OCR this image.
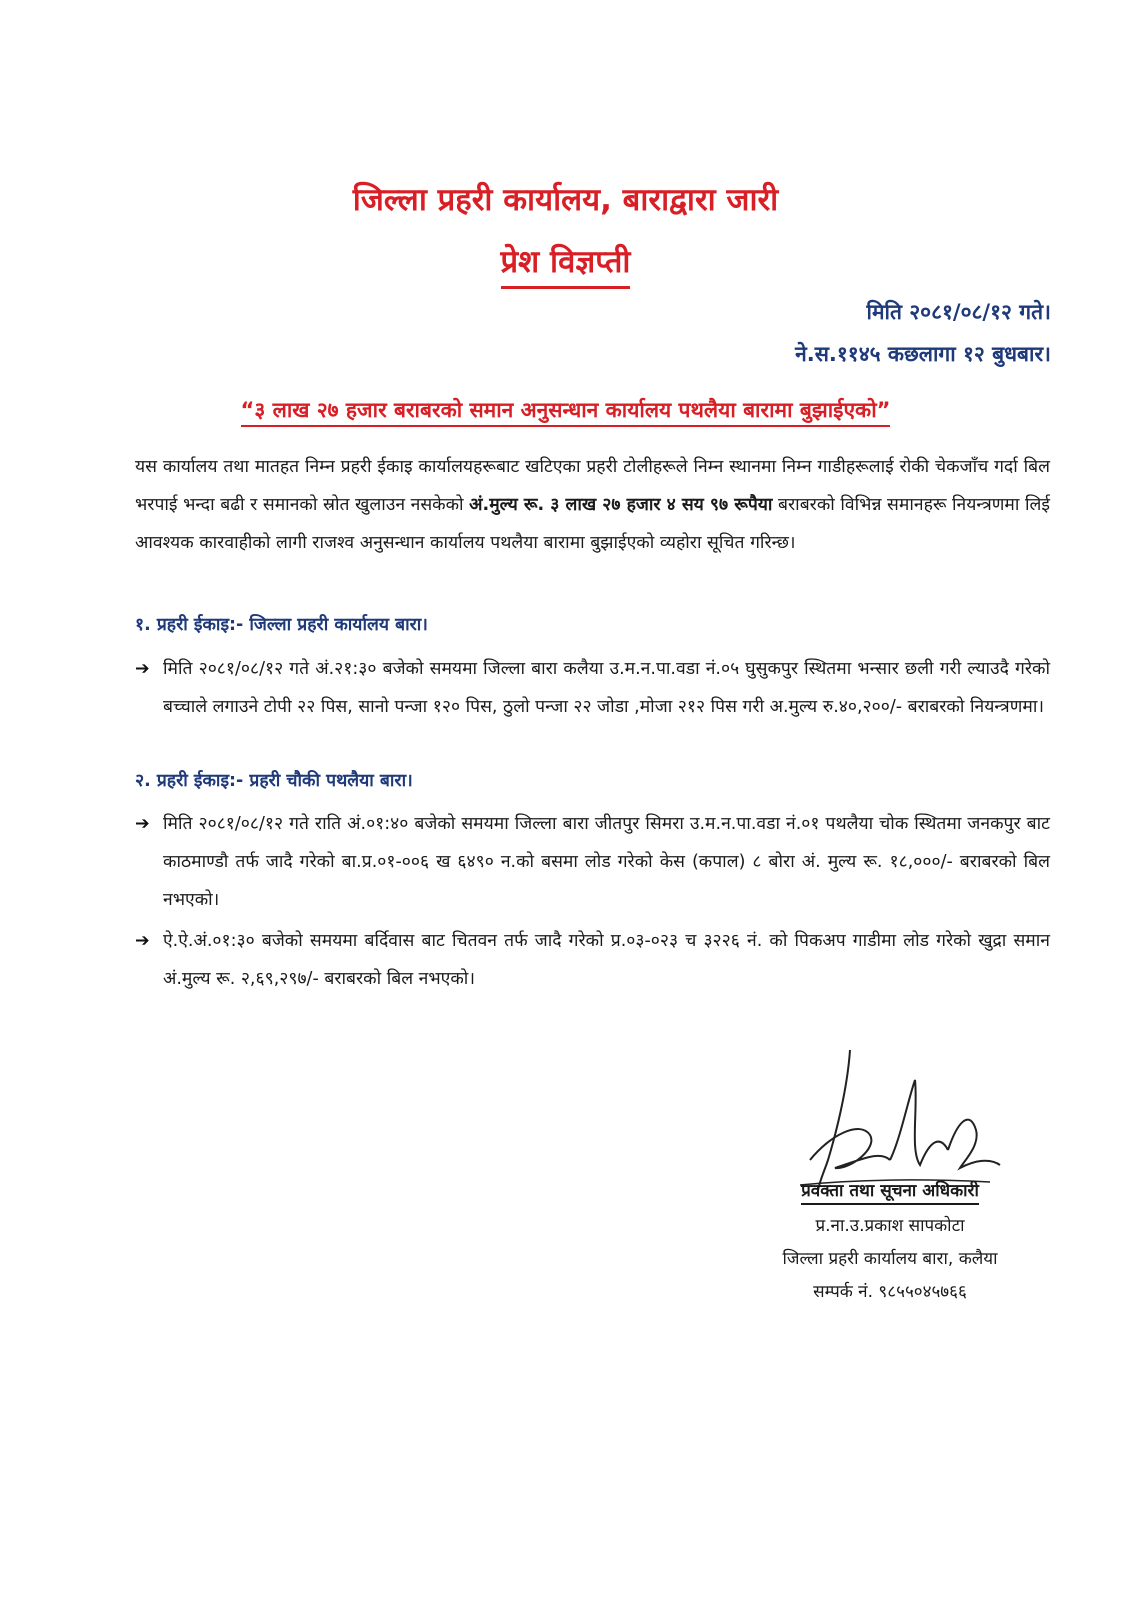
जिल्ला प्रहरी कार्यालय, बाराद्वारा जारी
प्रेश विज्ञप्ती
मिति २०८१/०८/१२ गते।
ने.स.११४५ कछलागा १२ बुधबार।
“३ लाख २७ हजार बराबरको समान अनुसन्धान कार्यालय पथलैया बारामा बुझाईएको”
यस कार्यालय तथा मातहत निम्न प्रहरी ईकाइ कार्यालयहरूबाट खटिएका प्रहरी टोलीहरूले निम्न स्थानमा निम्न गाडीहरूलाई रोकी चेकजाँच गर्दा बिल भरपाई भन्दा बढी र समानको स्रोत खुलाउन नसकेको अं.मुल्य रू. ३ लाख २७ हजार ४ सय ९७ रूपैया बराबरको विभिन्न समानहरू नियन्त्रणमा लिई आवश्यक कारवाहीको लागी राजश्व अनुसन्धान कार्यालय पथलैया बारामा बुझाईएको व्यहोरा सूचित गरिन्छ।
१. प्रहरी ईकाइ:- जिल्ला प्रहरी कार्यालय बारा।
➔ मिति २०८१/०८/१२ गते अं.२१:३० बजेको समयमा जिल्ला बारा कलैया उ.म.न.पा.वडा नं.०५ घुसुकपुर स्थितमा भन्सार छली गरी ल्याउदै गरेको बच्चाले लगाउने टोपी २२ पिस, सानो पन्जा १२० पिस, ठुलो पन्जा २२ जोडा ,मोजा २१२ पिस गरी अ.मुल्य रु.४०,२००/- बराबरको नियन्त्रणमा।
२. प्रहरी ईकाइ:- प्रहरी चौकी पथलैया बारा।
➔ मिति २०८१/०८/१२ गते राति अं.०१:४० बजेको समयमा जिल्ला बारा जीतपुर सिमरा उ.म.न.पा.वडा नं.०१ पथलैया चोक स्थितमा जनकपुर बाट काठमाण्डौ तर्फ जादै गरेको बा.प्र.०१-००६ ख ६४९० न.को बसमा लोड गरेको केस (कपाल) ८ बोरा अं. मुल्य रू. १८,०००/- बराबरको बिल नभएको।
➔ ऐ.ऐ.अं.०१:३० बजेको समयमा बर्दिवास बाट चितवन तर्फ जादै गरेको प्र.०३-०२३ च ३२२६ नं. को पिकअप गाडीमा लोड गरेको खुद्रा समान अं.मुल्य रू. २,६९,२९७/- बराबरको बिल नभएको।
प्रवक्ता तथा सूचना अधिकारी
प्र.ना.उ.प्रकाश सापकोटा
जिल्ला प्रहरी कार्यालय बारा, कलैया
सम्पर्क नं. ९८५५०४५७६६
